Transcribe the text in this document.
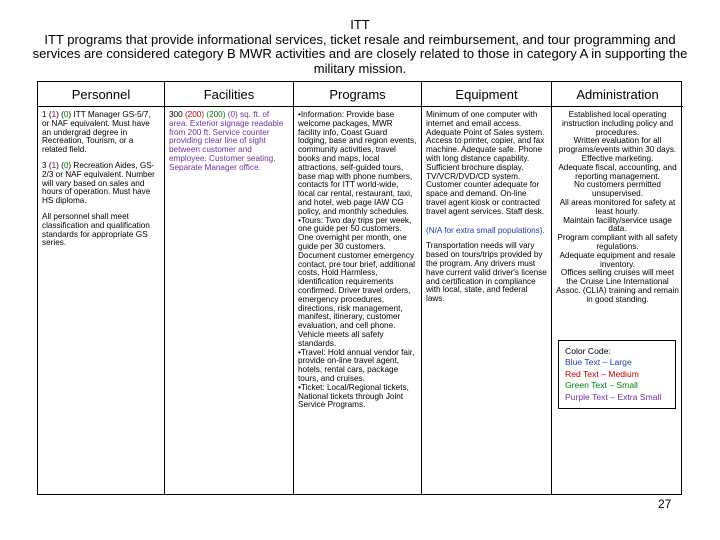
ITT
ITT programs that provide informational services, ticket resale and reimbursement, and tour programming and services are considered category B MWR activities and are closely related to those in category A in supporting the military mission.
Personnel

1 (1) (0) ITT Manager GS-5/7, or NAF equivalent. Must have an undergrad degree in Recreation, Tourism, or a related field.

3 (1) (0) Recreation Aides, GS-2/3 or NAF equivalent. Number will vary based on sales and hours of operation. Must have HS diploma.

All personnel shall meet classification and qualification standards for appropriate GS series.

Facilities

300 (200) (200) (0) sq. ft. of area. Exterior signage readable from 200 ft. Service counter providing clear line of sight between customer and employee. Customer seating. Separate Manager office.

Programs

•Information: Provide base welcome packages, MWR facility info, Coast Guard lodging, base and region events, community activities, travel books and maps, local attractions, self-guided tours, base map with phone numbers, contacts for ITT world-wide, local car rental, restaurant, taxi, and hotel, web page IAW CG policy, and monthly schedules.

•Tours: Two day trips per week, one guide per 50 customers. One overnight per month, one guide per 30 customers. Document customer emergency contact, pre tour brief, additional costs, Hold Harmless, identification requirements confirmed. Driver travel orders, emergency procedures, directions, risk management, manifest, itinerary, customer evaluation, and cell phone. Vehicle meets all safety standards.

•Travel: Hold annual vendor fair, provide on-line travel agent, hotels, rental cars, package tours, and cruises.

•Ticket: Local/Regional tickets, National tickets through Joint Service Programs.

Equipment

Minimum of one computer with internet and email access. Adequate Point of Sales system. Access to printer, copier, and fax machine. Adequate safe. Phone with long distance capability. Sufficient brochure display. TV/VCR/DVD/CD system. Customer counter adequate for space and demand. On-line travel agent kiosk or contracted travel agent services. Staff desk.

(N/A for extra small populations).

Transportation needs will vary based on tours/trips provided by the program. Any drivers must have current valid driver's license and certification in compliance with local, state, and federal laws.

Administration

Established local operating instruction including policy and procedures.

Written evaluation for all programs/events within 30 days.

Effective marketing.

Adequate fiscal, accounting, and reporting management.

No customers permitted unsupervised.

All areas monitored for safety at least hourly.

Maintain facility/service usage data.

Program compliant with all safety regulations.

Adequate equipment and resale inventory.

Offices selling cruises will meet the Cruise Line International Assoc. (CLIA) training and remain in good standing.

Color Code:
Blue Text – Large
Red Text – Medium
Green Text – Small
Purple Text – Extra Small
27
